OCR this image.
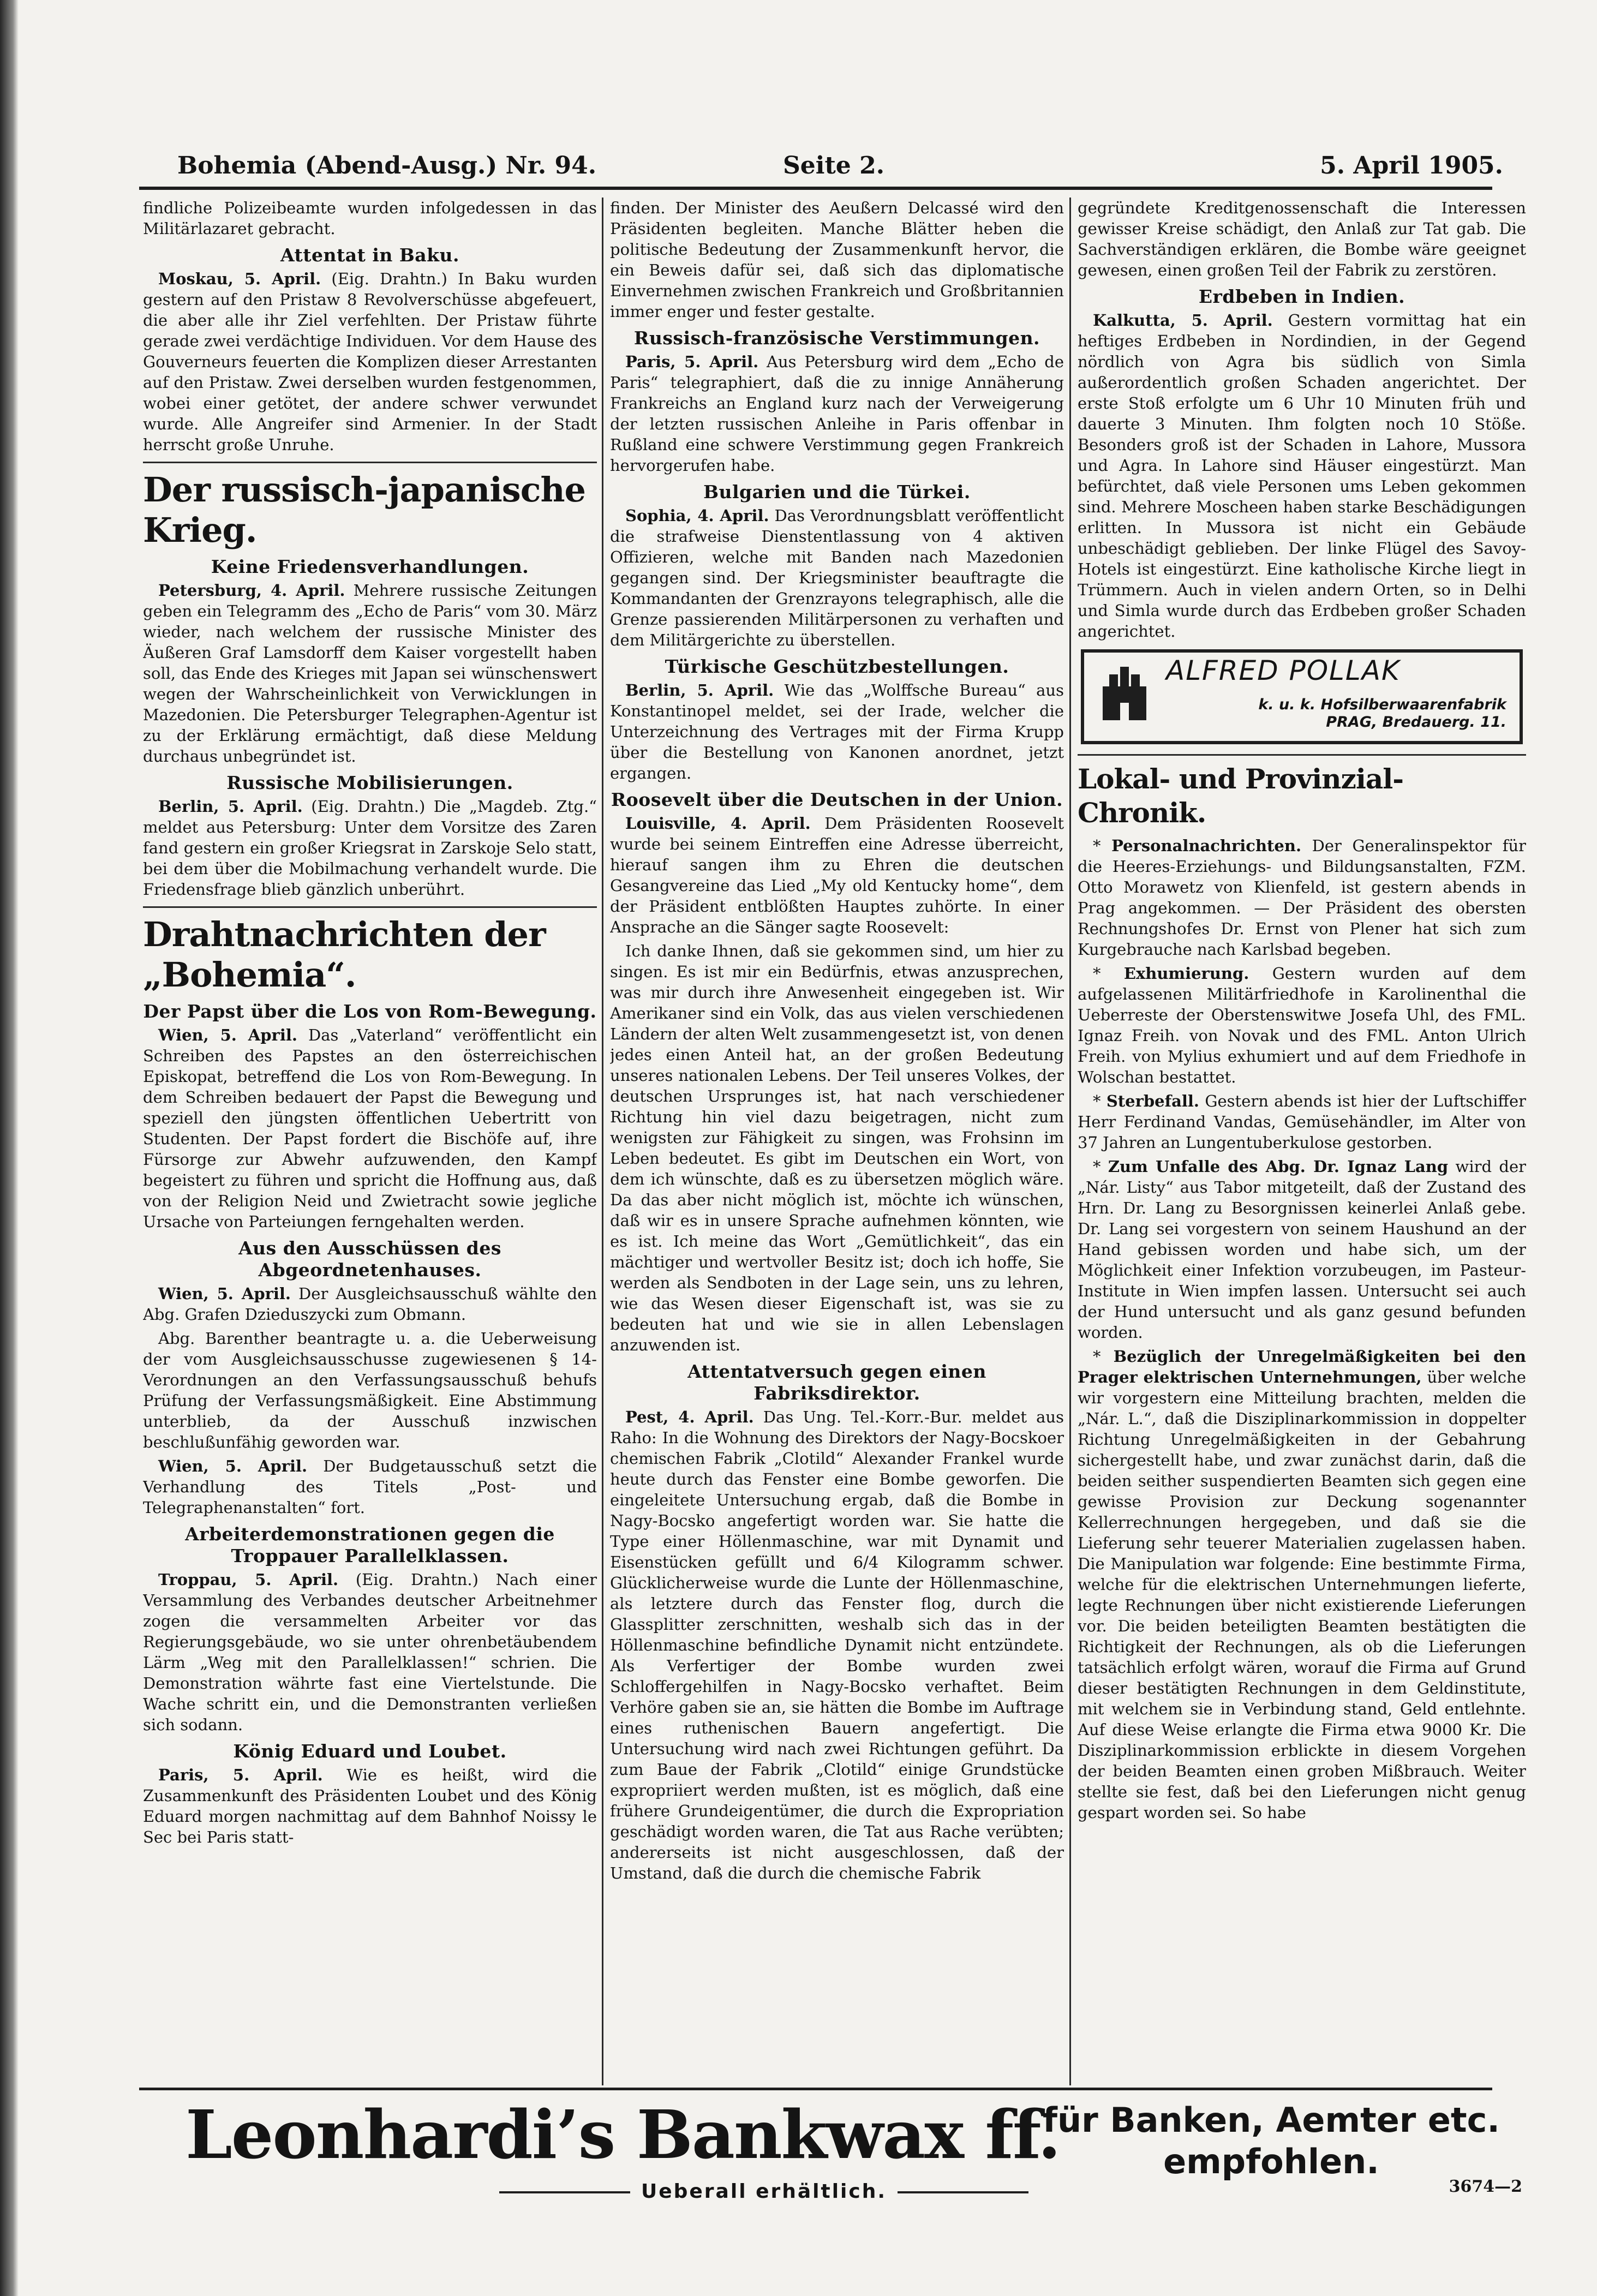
Bohemia (Abend-Ausg.) Nr. 94.	Seite 2.	5. April 1905.

findliche Polizeibeamte wurden infolgedessen in das Militärlazaret gebracht.

Attentat in Baku.

Moskau, 5. April. (Eig. Drahtn.) In Baku wurden gestern auf den Pristaw 8 Revolverschüsse abgefeuert, die aber alle ihr Ziel verfehlten. Der Pristaw führte gerade zwei verdächtige Individuen. Vor dem Hause des Gouverneurs feuerten die Komplizen dieser Arrestanten auf den Pristaw. Zwei derselben wurden festgenommen, wobei einer getötet, der andere schwer verwundet wurde. Alle Angreifer sind Armenier. In der Stadt herrscht große Unruhe.

Der russisch-japanische Krieg.
Keine Friedensverhandlungen.

Petersburg, 4. April. Mehrere russische Zeitungen geben ein Telegramm des „Echo de Paris“ vom 30. März wieder, nach welchem der russische Minister des Äußeren Graf Lamsdorff dem Kaiser vorgestellt haben soll, das Ende des Krieges mit Japan sei wünschenswert wegen der Wahrscheinlichkeit von Verwicklungen in Mazedonien. Die Petersburger Telegraphen-Agentur ist zu der Erklärung ermächtigt, daß diese Meldung durchaus unbegründet ist.

Russische Mobilisierungen.

Berlin, 5. April. (Eig. Drahtn.) Die „Magdeb. Ztg.“ meldet aus Petersburg: Unter dem Vorsitze des Zaren fand gestern ein großer Kriegsrat in Zarskoje Selo statt, bei dem über die Mobilmachung verhandelt wurde. Die Friedensfrage blieb gänzlich unberührt.

Drahtnachrichten der „Bohemia“.
Der Papst über die Los von Rom-Bewegung.

Wien, 5. April. Das „Vaterland“ veröffentlicht ein Schreiben des Papstes an den österreichischen Episkopat, betreffend die Los von Rom-Bewegung. In dem Schreiben bedauert der Papst die Bewegung und speziell den jüngsten öffentlichen Uebertritt von Studenten. Der Papst fordert die Bischöfe auf, ihre Fürsorge zur Abwehr aufzuwenden, den Kampf begeistert zu führen und spricht die Hoffnung aus, daß von der Religion Neid und Zwietracht sowie jegliche Ursache von Parteiungen ferngehalten werden.

Aus den Ausschüssen des Abgeordnetenhauses.

Wien, 5. April. Der Ausgleichsausschuß wählte den Abg. Grafen Dzieduszycki zum Obmann.

Abg. Barenther beantragte u. a. die Ueberweisung der vom Ausgleichsausschusse zugewiesenen § 14-Verordnungen an den Verfassungsausschuß behufs Prüfung der Verfassungsmäßigkeit. Eine Abstimmung unterblieb, da der Ausschuß inzwischen beschlußunfähig geworden war.

Wien, 5. April. Der Budgetausschuß setzt die Verhandlung des Titels „Post- und Telegraphenanstalten“ fort.

Arbeiterdemonstrationen gegen die Troppauer Parallelklassen.

Troppau, 5. April. (Eig. Drahtn.) Nach einer Versammlung des Verbandes deutscher Arbeitnehmer zogen die versammelten Arbeiter vor das Regierungsgebäude, wo sie unter ohrenbetäubendem Lärm „Weg mit den Parallelklassen!“ schrien. Die Demonstration währte fast eine Viertelstunde. Die Wache schritt ein, und die Demonstranten verließen sich sodann.

König Eduard und Loubet.

Paris, 5. April. Wie es heißt, wird die Zusammenkunft des Präsidenten Loubet und des König Eduard morgen nachmittag auf dem Bahnhof Noissy le Sec bei Paris statt-

finden. Der Minister des Aeußern Delcassé wird den Präsidenten begleiten. Manche Blätter heben die politische Bedeutung der Zusammenkunft hervor, die ein Beweis dafür sei, daß sich das diplomatische Einvernehmen zwischen Frankreich und Großbritannien immer enger und fester gestalte.

Russisch-französische Verstimmungen.

Paris, 5. April. Aus Petersburg wird dem „Echo de Paris“ telegraphiert, daß die zu innige Annäherung Frankreichs an England kurz nach der Verweigerung der letzten russischen Anleihe in Paris offenbar in Rußland eine schwere Verstimmung gegen Frankreich hervorgerufen habe.

Bulgarien und die Türkei.

Sophia, 4. April. Das Verordnungsblatt veröffentlicht die strafweise Dienstentlassung von 4 aktiven Offizieren, welche mit Banden nach Mazedonien gegangen sind. Der Kriegsminister beauftragte die Kommandanten der Grenzrayons telegraphisch, alle die Grenze passierenden Militärpersonen zu verhaften und dem Militärgerichte zu überstellen.

Türkische Geschützbestellungen.

Berlin, 5. April. Wie das „Wolffsche Bureau“ aus Konstantinopel meldet, sei der Irade, welcher die Unterzeichnung des Vertrages mit der Firma Krupp über die Bestellung von Kanonen anordnet, jetzt ergangen.

Roosevelt über die Deutschen in der Union.

Louisville, 4. April. Dem Präsidenten Roosevelt wurde bei seinem Eintreffen eine Adresse überreicht, hierauf sangen ihm zu Ehren die deutschen Gesangvereine das Lied „My old Kentucky home“, dem der Präsident entblößten Hauptes zuhörte. In einer Ansprache an die Sänger sagte Roosevelt:

Ich danke Ihnen, daß sie gekommen sind, um hier zu singen. Es ist mir ein Bedürfnis, etwas anzusprechen, was mir durch ihre Anwesenheit eingegeben ist. Wir Amerikaner sind ein Volk, das aus vielen verschiedenen Ländern der alten Welt zusammengesetzt ist, von denen jedes einen Anteil hat, an der großen Bedeutung unseres nationalen Lebens. Der Teil unseres Volkes, der deutschen Ursprunges ist, hat nach verschiedener Richtung hin viel dazu beigetragen, nicht zum wenigsten zur Fähigkeit zu singen, was Frohsinn im Leben bedeutet. Es gibt im Deutschen ein Wort, von dem ich wünschte, daß es zu übersetzen möglich wäre. Da das aber nicht möglich ist, möchte ich wünschen, daß wir es in unsere Sprache aufnehmen könnten, wie es ist. Ich meine das Wort „Gemütlichkeit“, das ein mächtiger und wertvoller Besitz ist; doch ich hoffe, Sie werden als Sendboten in der Lage sein, uns zu lehren, wie das Wesen dieser Eigenschaft ist, was sie zu bedeuten hat und wie sie in allen Lebenslagen anzuwenden ist.

Attentatversuch gegen einen Fabriksdirektor.

Pest, 4. April. Das Ung. Tel.-Korr.-Bur. meldet aus Raho: In die Wohnung des Direktors der Nagy-Bocskoer chemischen Fabrik „Clotild“ Alexander Frankel wurde heute durch das Fenster eine Bombe geworfen. Die eingeleitete Untersuchung ergab, daß die Bombe in Nagy-Bocsko angefertigt worden war. Sie hatte die Type einer Höllenmaschine, war mit Dynamit und Eisenstücken gefüllt und 6/4 Kilogramm schwer. Glücklicherweise wurde die Lunte der Höllenmaschine, als letztere durch das Fenster flog, durch die Glassplitter zerschnitten, weshalb sich das in der Höllenmaschine befindliche Dynamit nicht entzündete. Als Verfertiger der Bombe wurden zwei Schloffergehilfen in Nagy-Bocsko verhaftet. Beim Verhöre gaben sie an, sie hätten die Bombe im Auftrage eines ruthenischen Bauern angefertigt. Die Untersuchung wird nach zwei Richtungen geführt. Da zum Baue der Fabrik „Clotild“ einige Grundstücke expropriiert werden mußten, ist es möglich, daß eine frühere Grundeigentümer, die durch die Expropriation geschädigt worden waren, die Tat aus Rache verübten; andererseits ist nicht ausgeschlossen, daß der Umstand, daß die durch die chemische Fabrik

gegründete Kreditgenossenschaft die Interessen gewisser Kreise schädigt, den Anlaß zur Tat gab. Die Sachverständigen erklären, die Bombe wäre geeignet gewesen, einen großen Teil der Fabrik zu zerstören.

Erdbeben in Indien.

Kalkutta, 5. April. Gestern vormittag hat ein heftiges Erdbeben in Nordindien, in der Gegend nördlich von Agra bis südlich von Simla außerordentlich großen Schaden angerichtet. Der erste Stoß erfolgte um 6 Uhr 10 Minuten früh und dauerte 3 Minuten. Ihm folgten noch 10 Stöße. Besonders groß ist der Schaden in Lahore, Mussora und Agra. In Lahore sind Häuser eingestürzt. Man befürchtet, daß viele Personen ums Leben gekommen sind. Mehrere Moscheen haben starke Beschädigungen erlitten. In Mussora ist nicht ein Gebäude unbeschädigt geblieben. Der linke Flügel des Savoy-Hotels ist eingestürzt. Eine katholische Kirche liegt in Trümmern. Auch in vielen andern Orten, so in Delhi und Simla wurde durch das Erdbeben großer Schaden angerichtet.

ALFRED POLLAK
k. u. k. Hofsilberwaarenfabrik
PRAG, Bredauerg. 11.
Lokal- und Provinzial-Chronik.

* Personalnachrichten. Der Generalinspektor für die Heeres-Erziehungs- und Bildungsanstalten, FZM. Otto Morawetz von Klienfeld, ist gestern abends in Prag angekommen. — Der Präsident des obersten Rechnungshofes Dr. Ernst von Plener hat sich zum Kurgebrauche nach Karlsbad begeben.

* Exhumierung. Gestern wurden auf dem aufgelassenen Militärfriedhofe in Karolinenthal die Ueberreste der Oberstenswitwe Josefa Uhl, des FML. Ignaz Freih. von Novak und des FML. Anton Ulrich Freih. von Mylius exhumiert und auf dem Friedhofe in Wolschan bestattet.

* Sterbefall. Gestern abends ist hier der Luftschiffer Herr Ferdinand Vandas, Gemüsehändler, im Alter von 37 Jahren an Lungentuberkulose gestorben.

* Zum Unfalle des Abg. Dr. Ignaz Lang wird der „Nár. Listy“ aus Tabor mitgeteilt, daß der Zustand des Hrn. Dr. Lang zu Besorgnissen keinerlei Anlaß gebe. Dr. Lang sei vorgestern von seinem Haushund an der Hand gebissen worden und habe sich, um der Möglichkeit einer Infektion vorzubeugen, im Pasteur-Institute in Wien impfen lassen. Untersucht sei auch der Hund untersucht und als ganz gesund befunden worden.

* Bezüglich der Unregelmäßigkeiten bei den Prager elektrischen Unternehmungen, über welche wir vorgestern eine Mitteilung brachten, melden die „Nár. L.“, daß die Disziplinarkommission in doppelter Richtung Unregelmäßigkeiten in der Gebahrung sichergestellt habe, und zwar zunächst darin, daß die beiden seither suspendierten Beamten sich gegen eine gewisse Provision zur Deckung sogenannter Kellerrechnungen hergegeben, und daß sie die Lieferung sehr teuerer Materialien zugelassen haben. Die Manipulation war folgende: Eine bestimmte Firma, welche für die elektrischen Unternehmungen lieferte, legte Rechnungen über nicht existierende Lieferungen vor. Die beiden beteiligten Beamten bestätigten die Richtigkeit der Rechnungen, als ob die Lieferungen tatsächlich erfolgt wären, worauf die Firma auf Grund dieser bestätigten Rechnungen in dem Geldinstitute, mit welchem sie in Verbindung stand, Geld entlehnte. Auf diese Weise erlangte die Firma etwa 9000 Kr. Die Disziplinarkommission erblickte in diesem Vorgehen der beiden Beamten einen groben Mißbrauch. Weiter stellte sie fest, daß bei den Lieferungen nicht genug gespart worden sei. So habe

Leonhardi’s Bankwax ff.
für Banken, Aemter etc.
empfohlen.
Ueberall erhältlich.	3674—2
